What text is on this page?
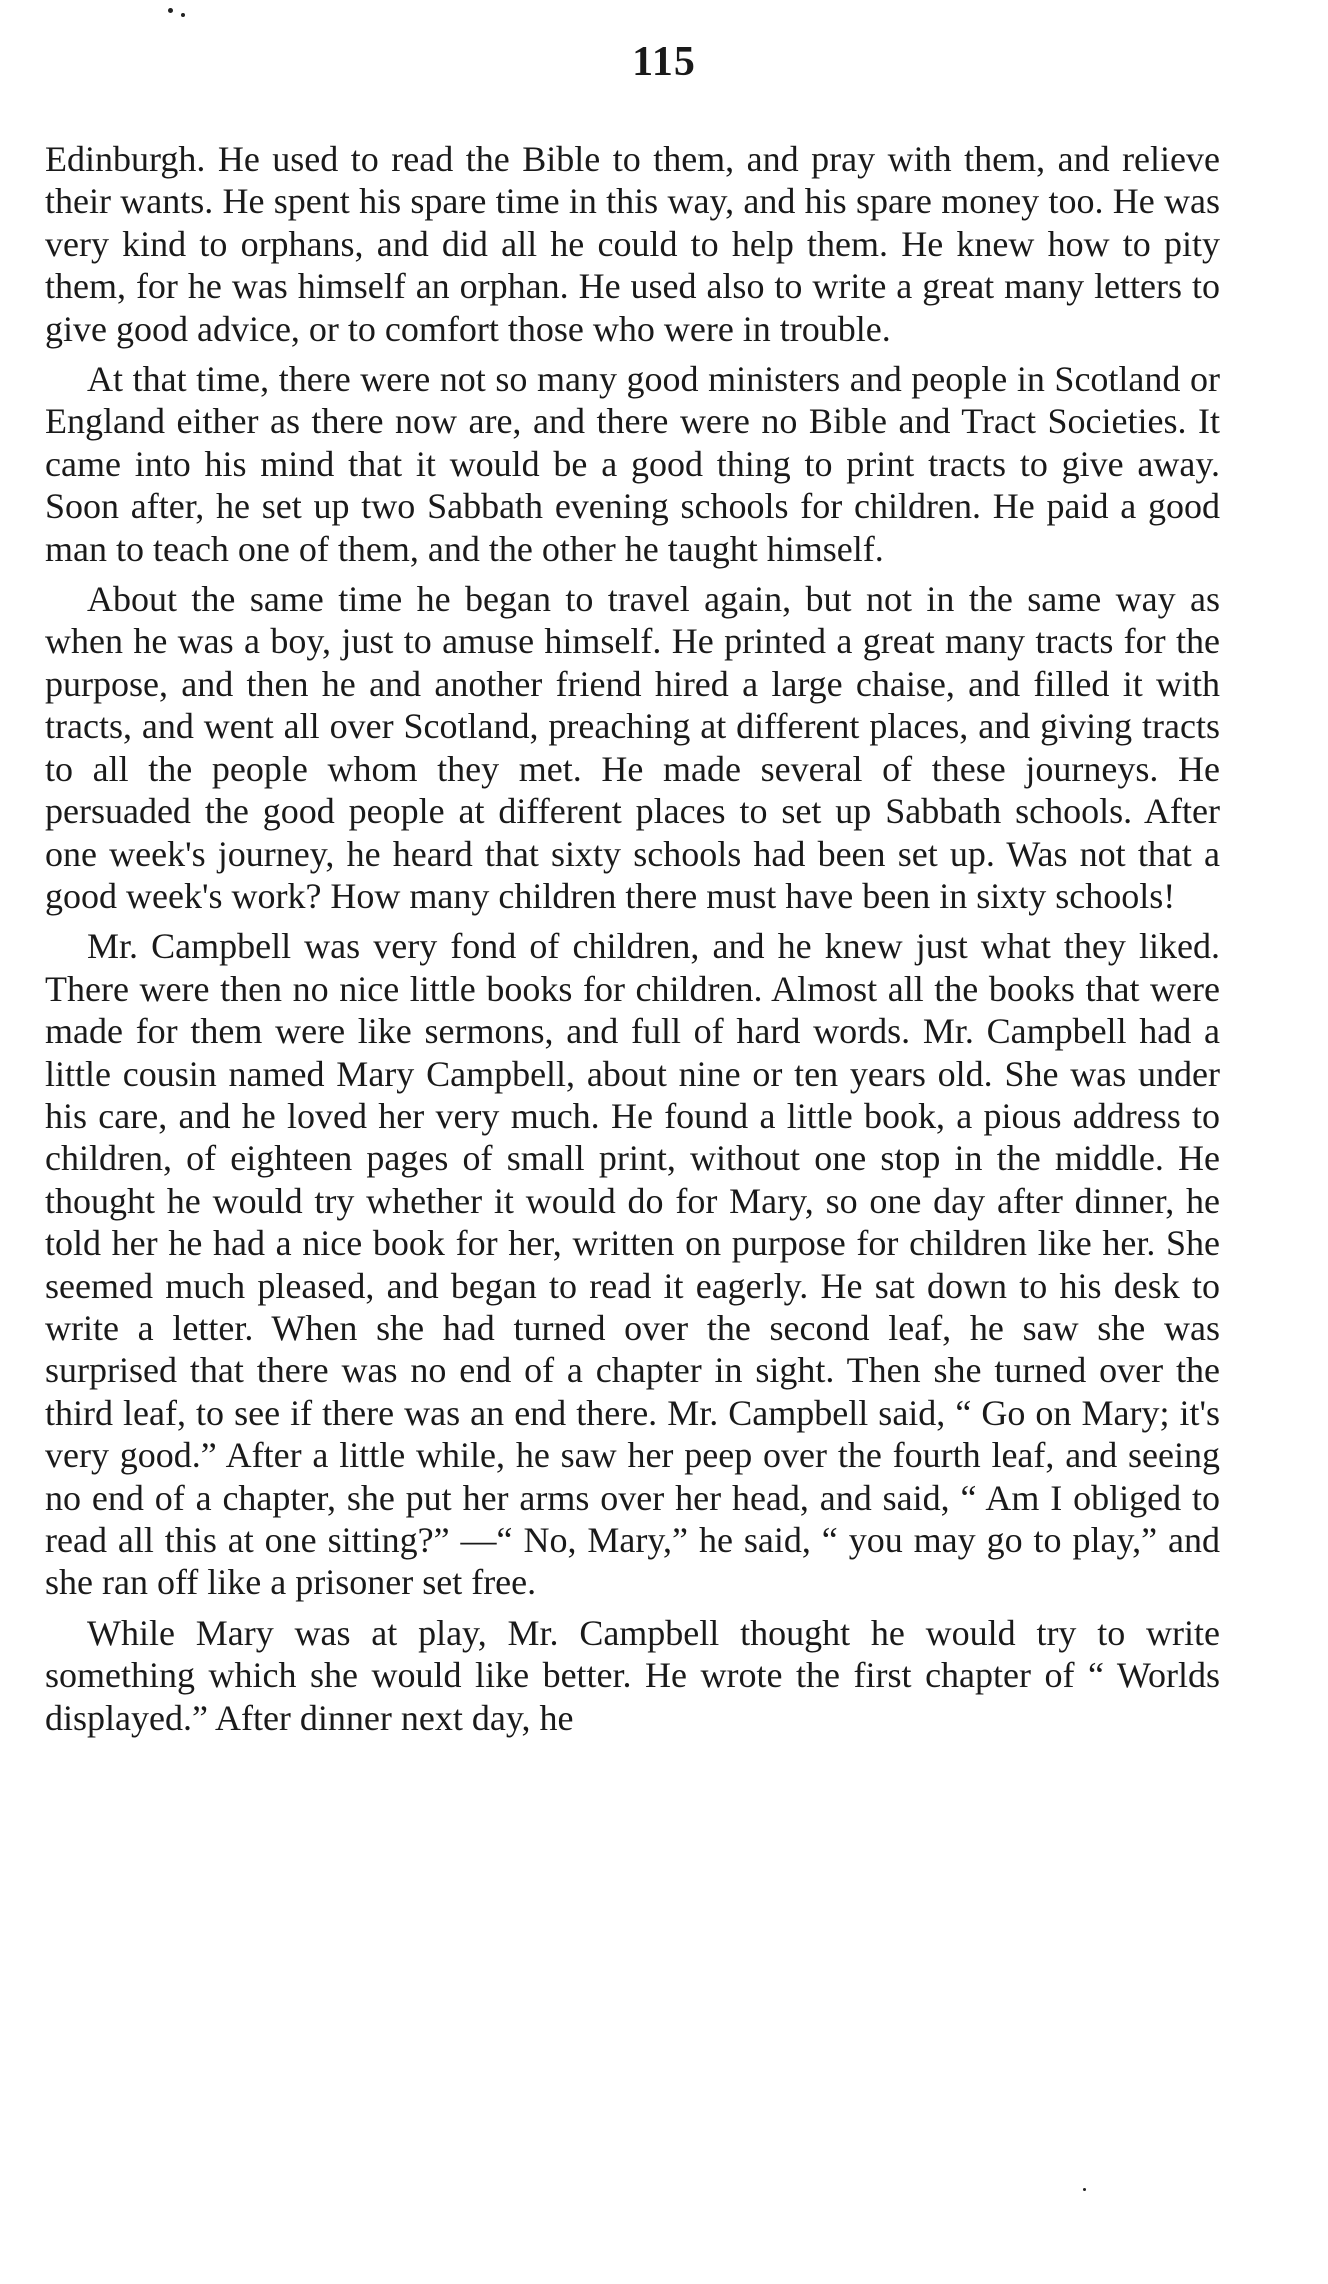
115

Edinburgh. He used to read the Bible to them, and pray with them, and relieve their wants. He spent his spare time in this way, and his spare money too. He was very kind to orphans, and did all he could to help them. He knew how to pity them, for he was himself an orphan. He used also to write a great many letters to give good advice, or to comfort those who were in trouble.

At that time, there were not so many good ministers and people in Scotland or England either as there now are, and there were no Bible and Tract Societies. It came into his mind that it would be a good thing to print tracts to give away. Soon after, he set up two Sabbath evening schools for children. He paid a good man to teach one of them, and the other he taught himself.

About the same time he began to travel again, but not in the same way as when he was a boy, just to amuse himself. He printed a great many tracts for the purpose, and then he and another friend hired a large chaise, and filled it with tracts, and went all over Scotland, preaching at different places, and giving tracts to all the people whom they met. He made several of these journeys. He persuaded the good people at different places to set up Sabbath schools. After one week's journey, he heard that sixty schools had been set up. Was not that a good week's work? How many children there must have been in sixty schools!

Mr. Campbell was very fond of children, and he knew just what they liked. There were then no nice little books for children. Almost all the books that were made for them were like sermons, and full of hard words. Mr. Campbell had a little cousin named Mary Campbell, about nine or ten years old. She was under his care, and he loved her very much. He found a little book, a pious address to children, of eighteen pages of small print, without one stop in the middle. He thought he would try whether it would do for Mary, so one day after dinner, he told her he had a nice book for her, written on purpose for children like her. She seemed much pleased, and began to read it eagerly. He sat down to his desk to write a letter. When she had turned over the second leaf, he saw she was surprised that there was no end of a chapter in sight. Then she turned over the third leaf, to see if there was an end there. Mr. Campbell said, “ Go on Mary; it's very good.” After a little while, he saw her peep over the fourth leaf, and seeing no end of a chapter, she put her arms over her head, and said, “ Am I obliged to read all this at one sitting?” —“ No, Mary,” he said, “ you may go to play,” and she ran off like a prisoner set free.

While Mary was at play, Mr. Campbell thought he would try to write something which she would like better. He wrote the first chapter of “ Worlds displayed.” After dinner next day, he
